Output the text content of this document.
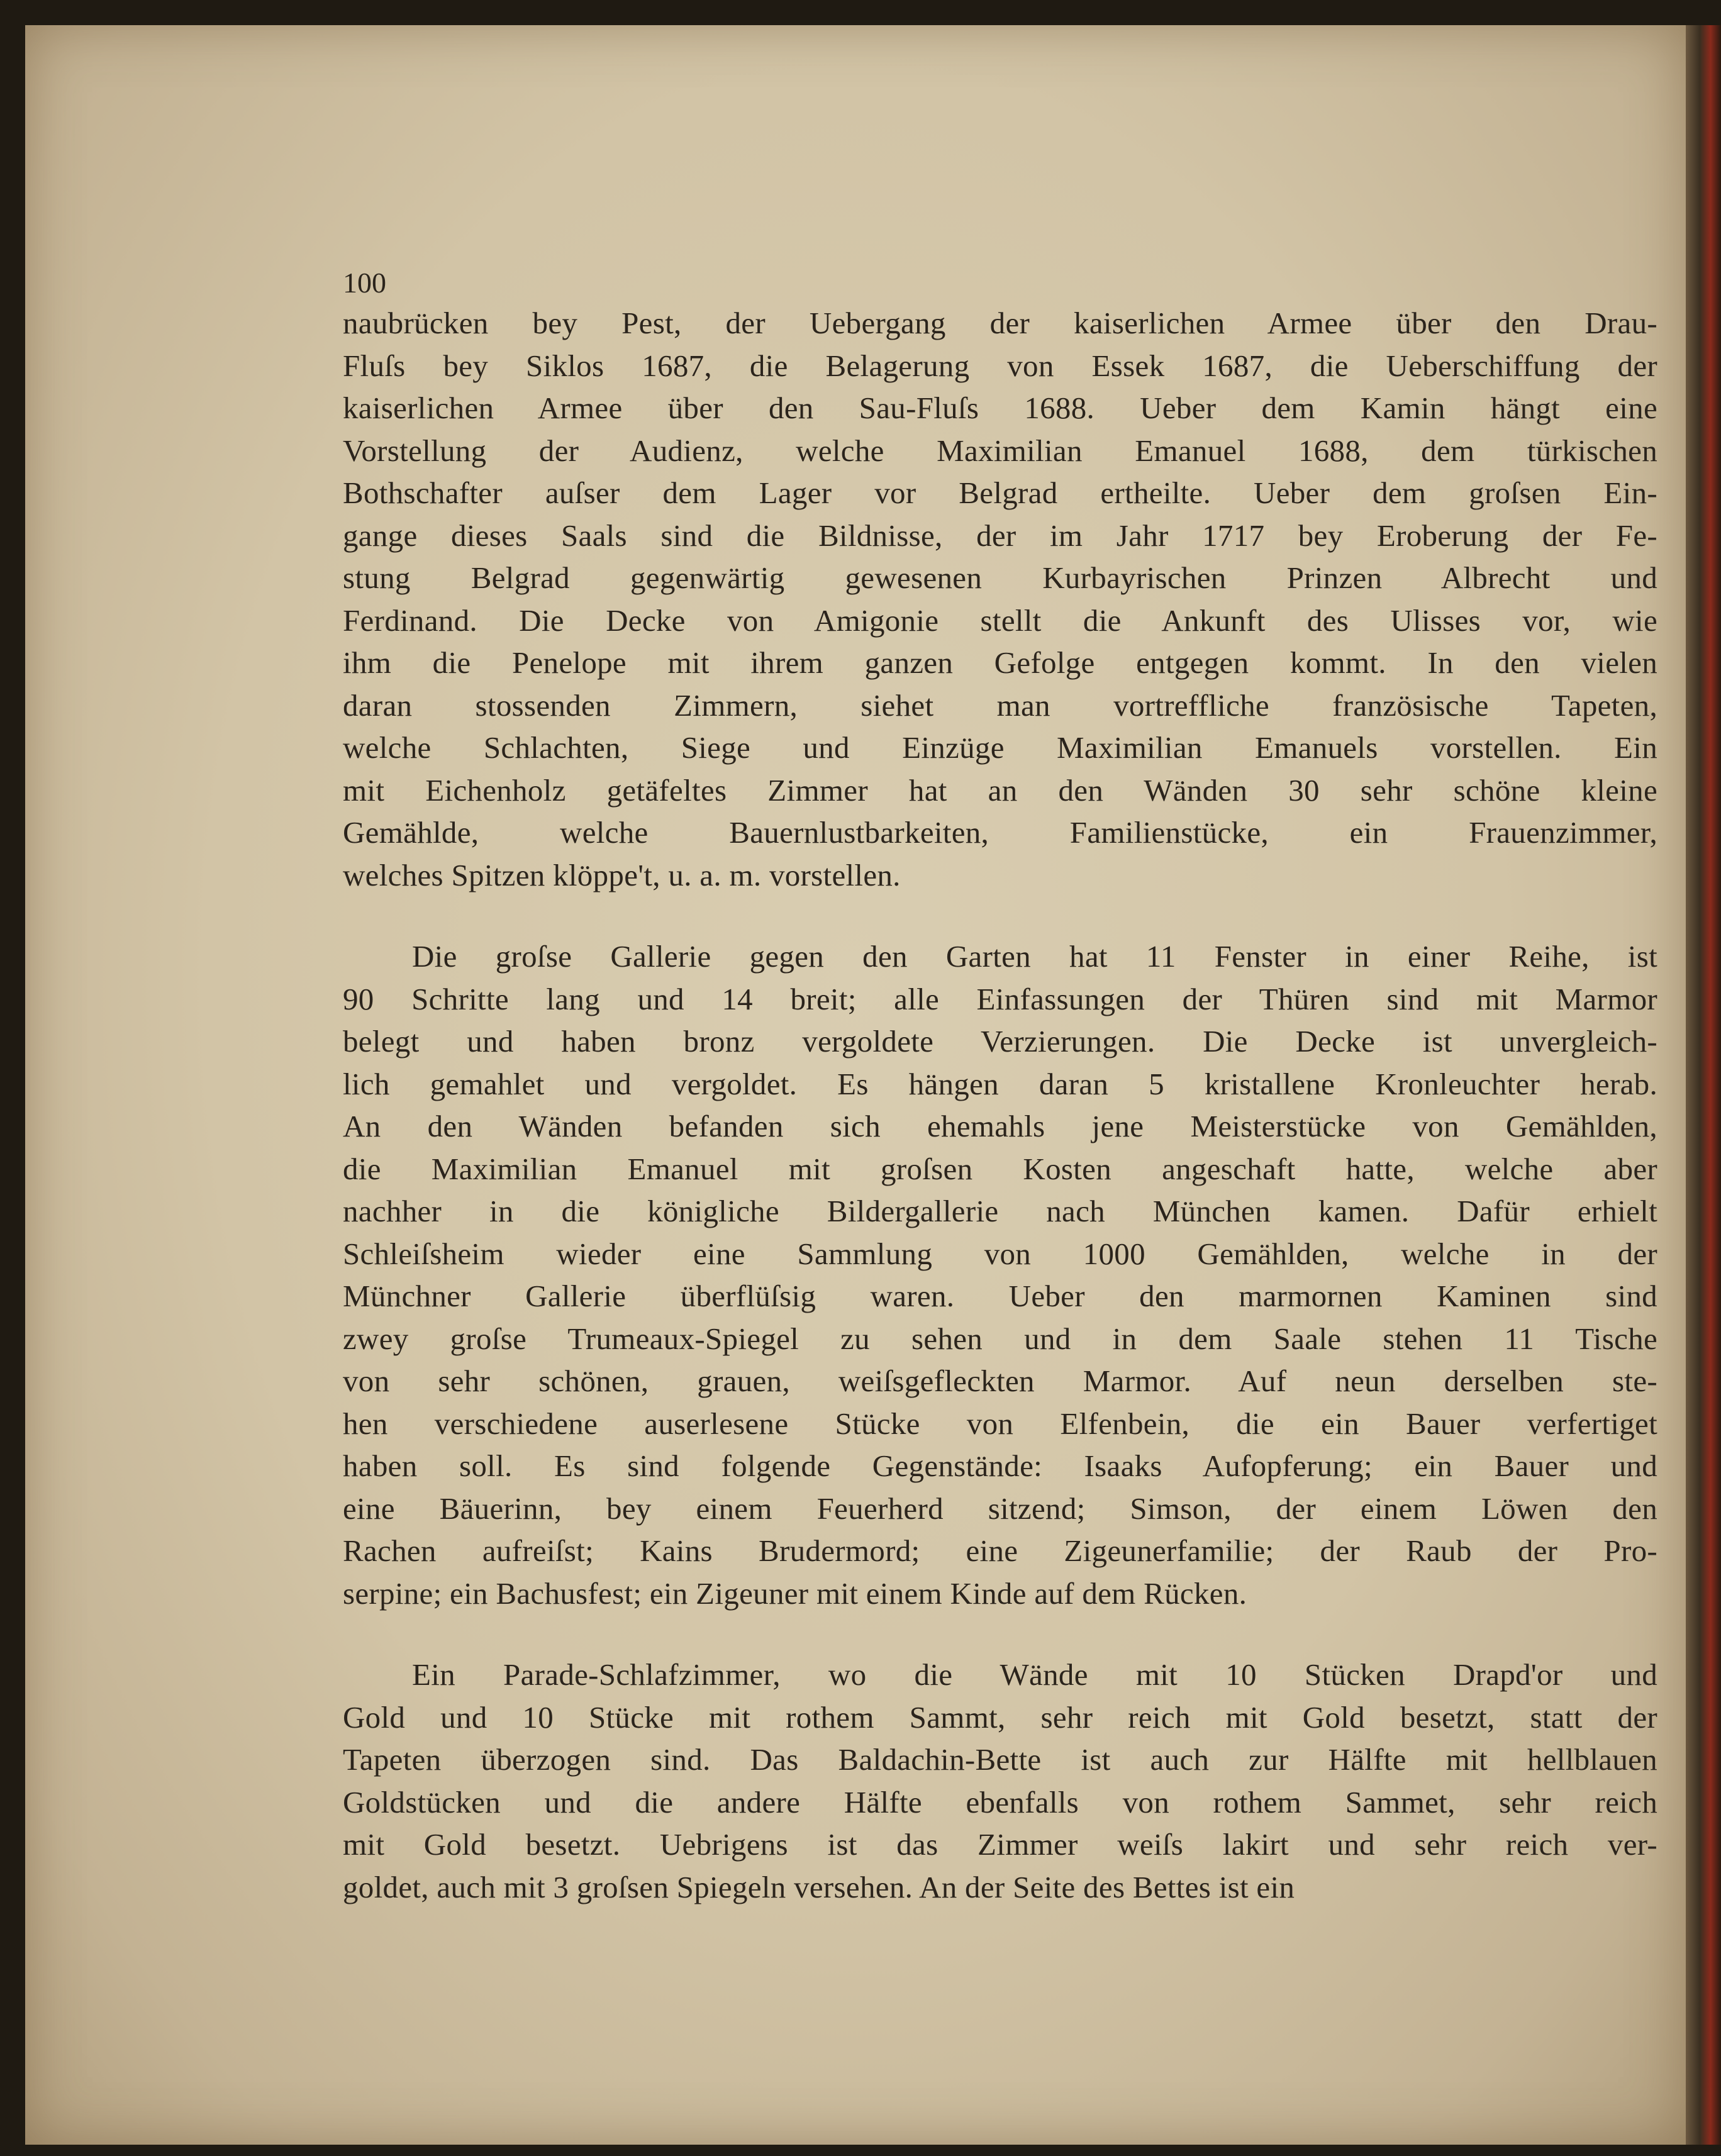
100

naubrücken bey Pest, der Uebergang der kaiserlichen Armee über den Drau-
Fluſs bey Siklos 1687, die Belagerung von Essek 1687, die Ueberschiffung der
kaiserlichen Armee über den Sau-Fluſs 1688. Ueber dem Kamin hängt eine
Vorstellung der Audienz, welche Maximilian Emanuel 1688, dem türkischen
Bothschafter auſser dem Lager vor Belgrad ertheilte. Ueber dem groſsen Ein-
gange dieses Saals sind die Bildnisse, der im Jahr 1717 bey Eroberung der Fe-
stung Belgrad gegenwärtig gewesenen Kurbayrischen Prinzen Albrecht und
Ferdinand. Die Decke von Amigonie stellt die Ankunft des Ulisses vor, wie
ihm die Penelope mit ihrem ganzen Gefolge entgegen kommt. In den vielen
daran stossenden Zimmern, siehet man vortreffliche französische Tapeten,
welche Schlachten, Siege und Einzüge Maximilian Emanuels vorstellen. Ein
mit Eichenholz getäfeltes Zimmer hat an den Wänden 30 sehr schöne kleine
Gemählde, welche Bauernlustbarkeiten, Familienstücke, ein Frauenzimmer,
welches Spitzen klöppe't, u. a. m. vorstellen.
Die groſse Gallerie gegen den Garten hat 11 Fenster in einer Reihe, ist
90 Schritte lang und 14 breit; alle Einfassungen der Thüren sind mit Marmor
belegt und haben bronz vergoldete Verzierungen. Die Decke ist unvergleich-
lich gemahlet und vergoldet. Es hängen daran 5 kristallene Kronleuchter herab.
An den Wänden befanden sich ehemahls jene Meisterstücke von Gemählden,
die Maximilian Emanuel mit groſsen Kosten angeschaft hatte, welche aber
nachher in die königliche Bildergallerie nach München kamen. Dafür erhielt
Schleiſsheim wieder eine Sammlung von 1000 Gemählden, welche in der
Münchner Gallerie überflüſsig waren. Ueber den marmornen Kaminen sind
zwey groſse Trumeaux-Spiegel zu sehen und in dem Saale stehen 11 Tische
von sehr schönen, grauen, weiſsgefleckten Marmor. Auf neun derselben ste-
hen verschiedene auserlesene Stücke von Elfenbein, die ein Bauer verfertiget
haben soll. Es sind folgende Gegenstände: Isaaks Aufopferung; ein Bauer und
eine Bäuerinn, bey einem Feuerherd sitzend; Simson, der einem Löwen den
Rachen aufreiſst; Kains Brudermord; eine Zigeunerfamilie; der Raub der Pro-
serpine; ein Bachusfest; ein Zigeuner mit einem Kinde auf dem Rücken.
Ein Parade-Schlafzimmer, wo die Wände mit 10 Stücken Drapd'or und
Gold und 10 Stücke mit rothem Sammt, sehr reich mit Gold besetzt, statt der
Tapeten überzogen sind. Das Baldachin-Bette ist auch zur Hälfte mit hellblauen
Goldstücken und die andere Hälfte ebenfalls von rothem Sammet, sehr reich
mit Gold besetzt. Uebrigens ist das Zimmer weiſs lakirt und sehr reich ver-
goldet, auch mit 3 groſsen Spiegeln versehen. An der Seite des Bettes ist ein
